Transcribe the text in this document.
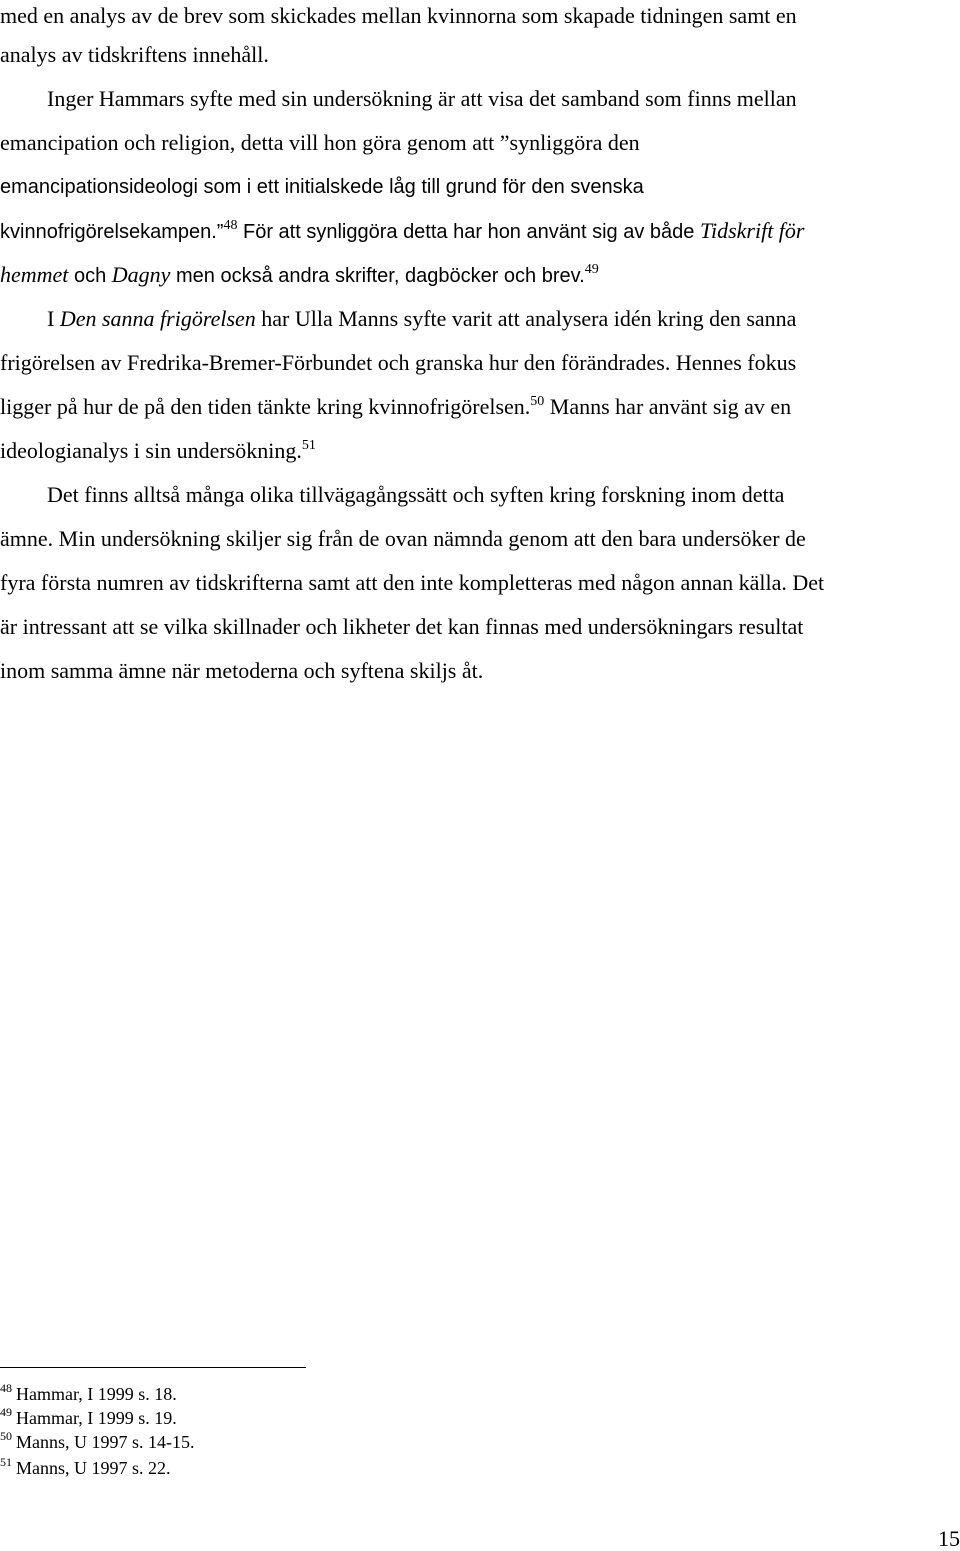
med en analys av de brev som skickades mellan kvinnorna som skapade tidningen samt en

analys av tidskriftens innehåll.

Inger Hammars syfte med sin undersökning är att visa det samband som finns mellan

emancipation och religion, detta vill hon göra genom att ”synliggöra den

emancipationsideologi som i ett initialskede låg till grund för den svenska

kvinnofrigörelsekampen.”$^{48}$ För att synliggöra detta har hon använt sig av både Tidskrift för

hemmet och Dagny men också andra skrifter, dagböcker och brev.$^{49}$

I Den sanna frigörelsen har Ulla Manns syfte varit att analysera idén kring den sanna

frigörelsen av Fredrika-Bremer-Förbundet och granska hur den förändrades. Hennes fokus

ligger på hur de på den tiden tänkte kring kvinnofrigörelsen.$^{50}$ Manns har använt sig av en

ideologianalys i sin undersökning.$^{51}$

Det finns alltså många olika tillvägagångssätt och syften kring forskning inom detta

ämne. Min undersökning skiljer sig från de ovan nämnda genom att den bara undersöker de

fyra första numren av tidskrifterna samt att den inte kompletteras med någon annan källa. Det

är intressant att se vilka skillnader och likheter det kan finnas med undersökningars resultat

inom samma ämne när metoderna och syftena skiljs åt.

$^{48}$ Hammar, I 1999 s. 18.
$^{49}$ Hammar, I 1999 s. 19.
$^{50}$ Manns, U 1997 s. 14-15.
$^{51}$ Manns, U 1997 s. 22.
15
